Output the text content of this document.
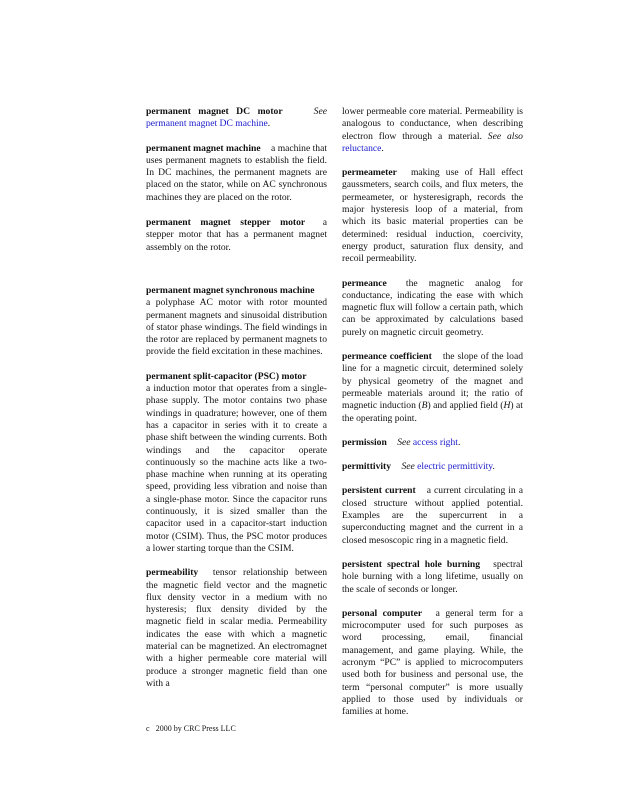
permanent magnet DC motor	See permanent magnet DC machine.

permanent magnet machine a machine that uses permanent magnets to establish the field. In DC machines, the permanent magnets are placed on the stator, while on AC synchronous machines they are placed on the rotor.

permanent magnet stepper motor a stepper motor that has a permanent magnet assembly on the rotor.

permanent magnet synchronous machine
a polyphase AC motor with rotor mounted permanent magnets and sinusoidal distribution of stator phase windings. The field windings in the rotor are replaced by permanent magnets to provide the field excitation in these machines.

permanent split-capacitor (PSC) motor
a induction motor that operates from a single-phase supply. The motor contains two phase windings in quadrature; however, one of them has a capacitor in series with it to create a phase shift between the winding currents. Both windings and the capacitor operate continuously so the machine acts like a two-phase machine when running at its operating speed, providing less vibration and noise than a single-phase motor. Since the capacitor runs continuously, it is sized smaller than the capacitor used in a capacitor-start induction motor (CSIM). Thus, the PSC motor produces a lower starting torque than the CSIM.

permeability tensor relationship between the magnetic field vector and the magnetic flux density vector in a medium with no hysteresis; flux density divided by the magnetic field in scalar media. Permeability indicates the ease with which a magnetic material can be magnetized. An electromagnet with a higher permeable core material will produce a stronger magnetic field than one with a

lower permeable core material. Permeability is analogous to conductance, when describing electron flow through a material. See also reluctance.

permeameter making use of Hall effect gaussmeters, search coils, and flux meters, the permeameter, or hysteresigraph, records the major hysteresis loop of a material, from which its basic material properties can be determined: residual induction, coercivity, energy product, saturation flux density, and recoil permeability.

permeance the magnetic analog for conductance, indicating the ease with which magnetic flux will follow a certain path, which can be approximated by calculations based purely on magnetic circuit geometry.

permeance coefficient the slope of the load line for a magnetic circuit, determined solely by physical geometry of the magnet and permeable materials around it; the ratio of magnetic induction (B) and applied field (H) at the operating point.

permission See access right.

permittivity See electric permittivity.

persistent current a current circulating in a closed structure without applied potential. Examples are the supercurrent in a superconducting magnet and the current in a closed mesoscopic ring in a magnetic field.

persistent spectral hole burning spectral hole burning with a long lifetime, usually on the scale of seconds or longer.

personal computer a general term for a microcomputer used for such purposes as word processing, email, financial management, and game playing. While, the acronym “PC” is applied to microcomputers used both for business and personal use, the term “personal computer” is more usually applied to those used by individuals or families at home.

c⃝2000 by CRC Press LLC
